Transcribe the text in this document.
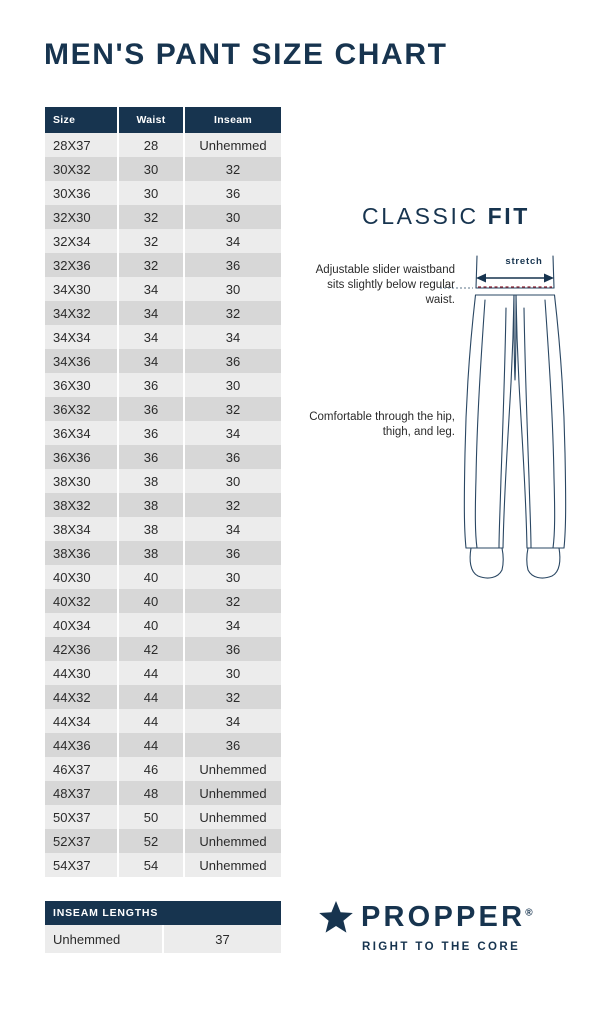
MEN'S PANT SIZE CHART
Size	Waist	Inseam
28X37	28	Unhemmed
30X32	30	32
30X36	30	36
32X30	32	30
32X34	32	34
32X36	32	36
34X30	34	30
34X32	34	32
34X34	34	34
34X36	34	36
36X30	36	30
36X32	36	32
36X34	36	34
36X36	36	36
38X30	38	30
38X32	38	32
38X34	38	34
38X36	38	36
40X30	40	30
40X32	40	32
40X34	40	34
42X36	42	36
44X30	44	30
44X32	44	32
44X34	44	34
44X36	44	36
46X37	46	Unhemmed
48X37	48	Unhemmed
50X37	50	Unhemmed
52X37	52	Unhemmed
54X37	54	Unhemmed
INSEAM LENGTHS
Unhemmed	37
CLASSIC FIT
Adjustable slider waistband sits slightly below regular waist.
Comfortable through the hip, thigh, and leg.
stretch
PROPPER®
RIGHT TO THE CORE
